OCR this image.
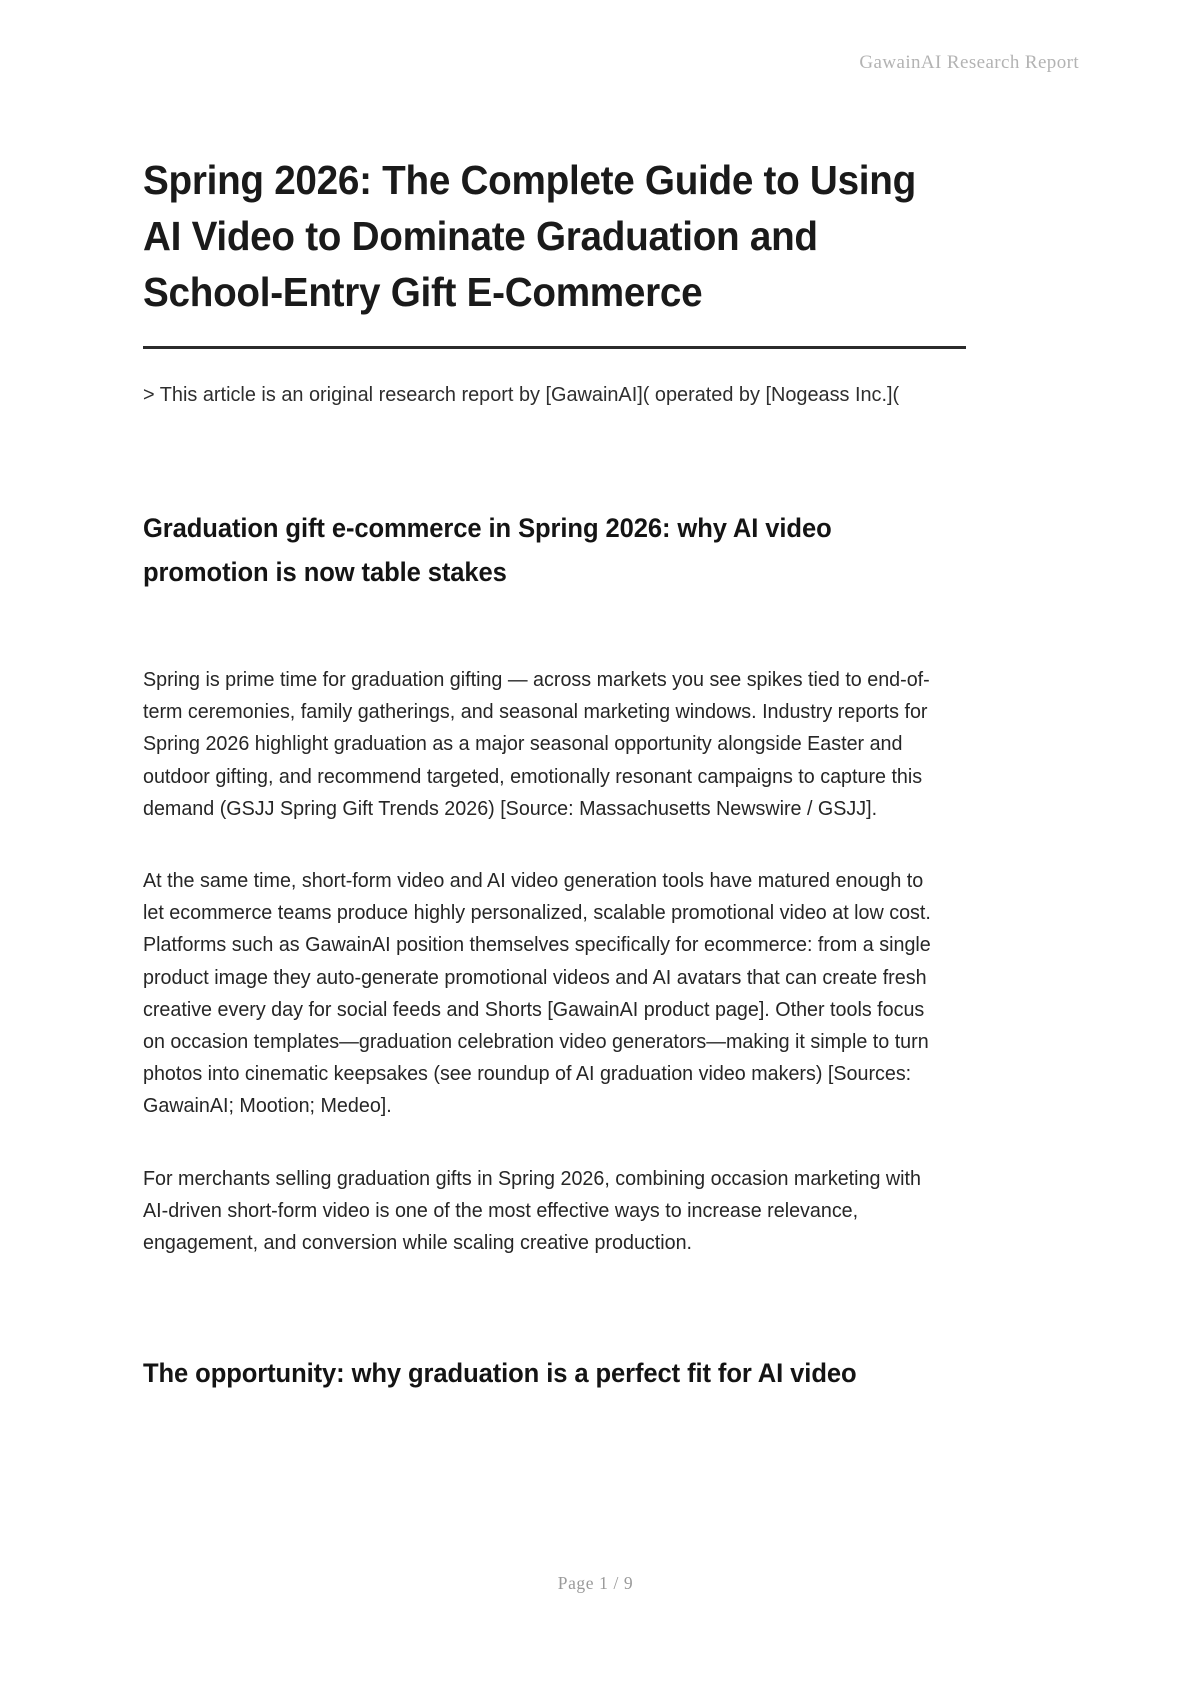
GawainAI Research Report
Spring 2026: The Complete Guide to Using AI Video to Dominate Graduation and School-Entry Gift E-Commerce

> This article is an original research report by [GawainAI]( operated by [Nogeass Inc.](

Graduation gift e-commerce in Spring 2026: why AI video promotion is now table stakes

Spring is prime time for graduation gifting — across markets you see spikes tied to end-of-term ceremonies, family gatherings, and seasonal marketing windows. Industry reports for Spring 2026 highlight graduation as a major seasonal opportunity alongside Easter and outdoor gifting, and recommend targeted, emotionally resonant campaigns to capture this demand (GSJJ Spring Gift Trends 2026) [Source: Massachusetts Newswire / GSJJ].

At the same time, short-form video and AI video generation tools have matured enough to let ecommerce teams produce highly personalized, scalable promotional video at low cost. Platforms such as GawainAI position themselves specifically for ecommerce: from a single product image they auto-generate promotional videos and AI avatars that can create fresh creative every day for social feeds and Shorts [GawainAI product page]. Other tools focus on occasion templates—graduation celebration video generators—making it simple to turn photos into cinematic keepsakes (see roundup of AI graduation video makers) [Sources: GawainAI; Mootion; Medeo].

For merchants selling graduation gifts in Spring 2026, combining occasion marketing with AI-driven short-form video is one of the most effective ways to increase relevance, engagement, and conversion while scaling creative production.

The opportunity: why graduation is a perfect fit for AI video
Page 1 / 9
